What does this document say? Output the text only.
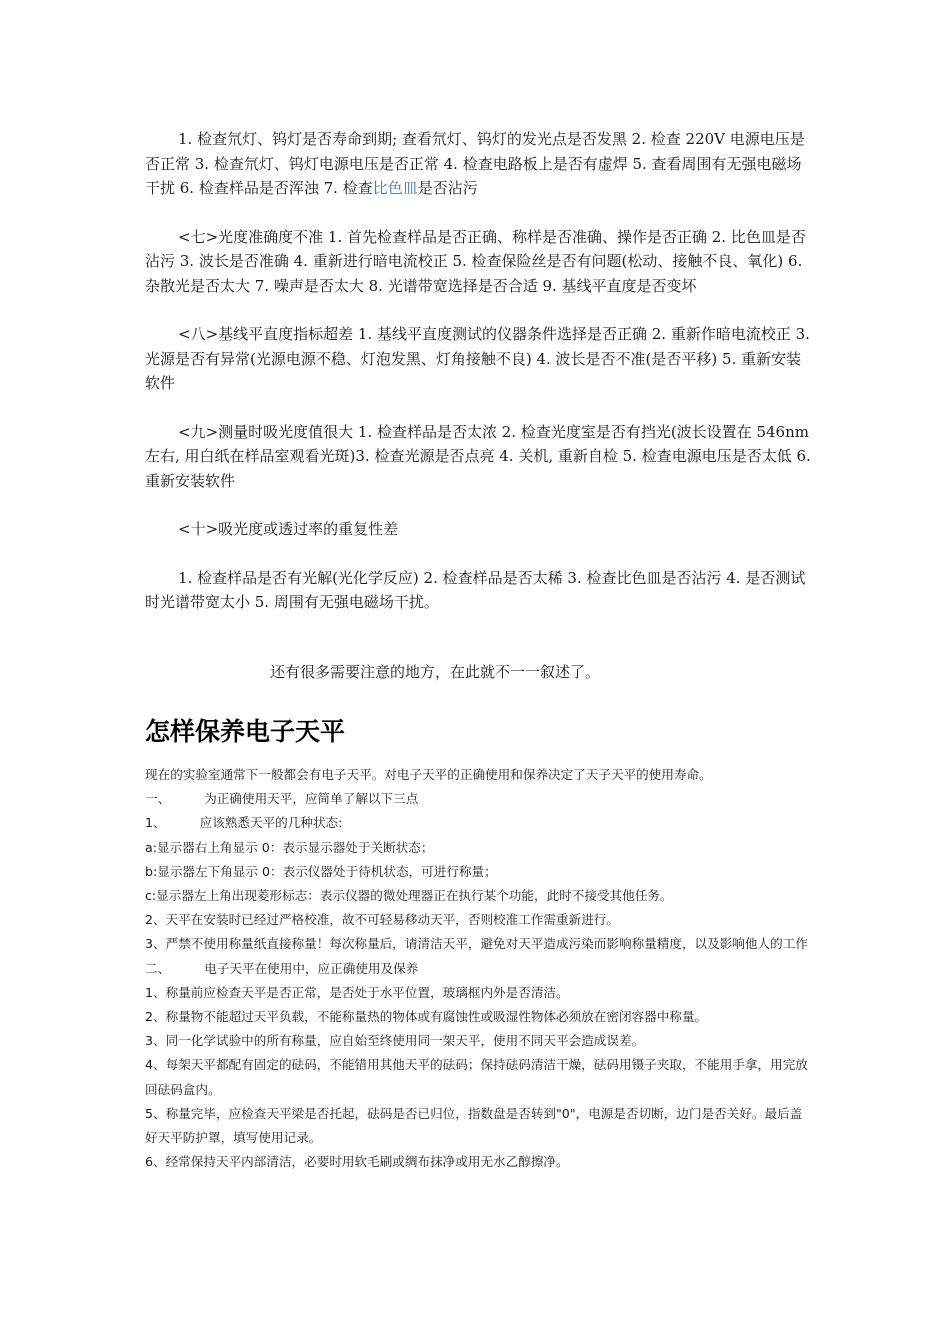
1. 检查氘灯、钨灯是否寿命到期; 查看氘灯、钨灯的发光点是否发黑 2. 检查 220V 电源电压是否正常 3. 检查氘灯、钨灯电源电压是否正常 4. 检查电路板上是否有虚焊 5. 查看周围有无强电磁场干扰 6. 检查样品是否浑浊 7. 检查比色皿是否沾污

<七>光度准确度不准 1. 首先检查样品是否正确、称样是否准确、操作是否正确 2. 比色皿是否沾污 3. 波长是否准确 4. 重新进行暗电流校正 5. 检查保险丝是否有问题(松动、接触不良、氧化) 6. 杂散光是否太大 7. 噪声是否太大 8. 光谱带宽选择是否合适 9. 基线平直度是否变坏

<八>基线平直度指标超差 1. 基线平直度测试的仪器条件选择是否正确 2. 重新作暗电流校正 3. 光源是否有异常(光源电源不稳、灯泡发黑、灯角接触不良) 4. 波长是否不准(是否平移) 5. 重新安装软件

<九>测量时吸光度值很大 1. 检查样品是否太浓 2. 检查光度室是否有挡光(波长设置在 546nm 左右, 用白纸在样品室观看光斑)3. 检查光源是否点亮 4. 关机, 重新自检 5. 检查电源电压是否太低 6. 重新安装软件

<十>吸光度或透过率的重复性差

1. 检查样品是否有光解(光化学反应) 2. 检查样品是否太稀 3. 检查比色皿是否沾污 4. 是否测试时光谱带宽太小 5. 周围有无强电磁场干扰。

还有很多需要注意的地方，在此就不一一叙述了。
怎样保养电子天平

现在的实验室通常下一般都会有电子天平。对电子天平的正确使用和保养决定了天子天平的使用寿命。

一、	为正确使用天平，应简单了解以下三点

1、	应该熟悉天平的几种状态:

a:显示器右上角显示 0：表示显示器处于关断状态；

b:显示器左下角显示 0：表示仪器处于待机状态，可进行称量；

c:显示器左上角出现菱形标志：表示仪器的微处理器正在执行某个功能，此时不接受其他任务。

2、天平在安装时已经过严格校准，故不可轻易移动天平，否则校准工作需重新进行。

3、严禁不使用称量纸直接称量！每次称量后，请清洁天平，避免对天平造成污染而影响称量精度，以及影响他人的工作

二、	电子天平在使用中，应正确使用及保养

1、称量前应检查天平是否正常，是否处于水平位置，玻璃框内外是否清洁。

2、称量物不能超过天平负载，不能称量热的物体或有腐蚀性或吸湿性物体必须放在密闭容器中称量。

3、同一化学试验中的所有称量，应自始至终使用同一架天平，使用不同天平会造成误差。

4、每架天平都配有固定的砝码，不能错用其他天平的砝码；保持砝码清洁干燥，砝码用镊子夹取，不能用手拿，用完放回砝码盒内。

5、称量完毕，应检查天平梁是否托起，砝码是否已归位，指数盘是否转到"0"，电源是否切断，边门是否关好。最后盖好天平防护罩，填写使用记录。

6、经常保持天平内部清洁，必要时用软毛刷或绸布抹净或用无水乙醇擦净。
